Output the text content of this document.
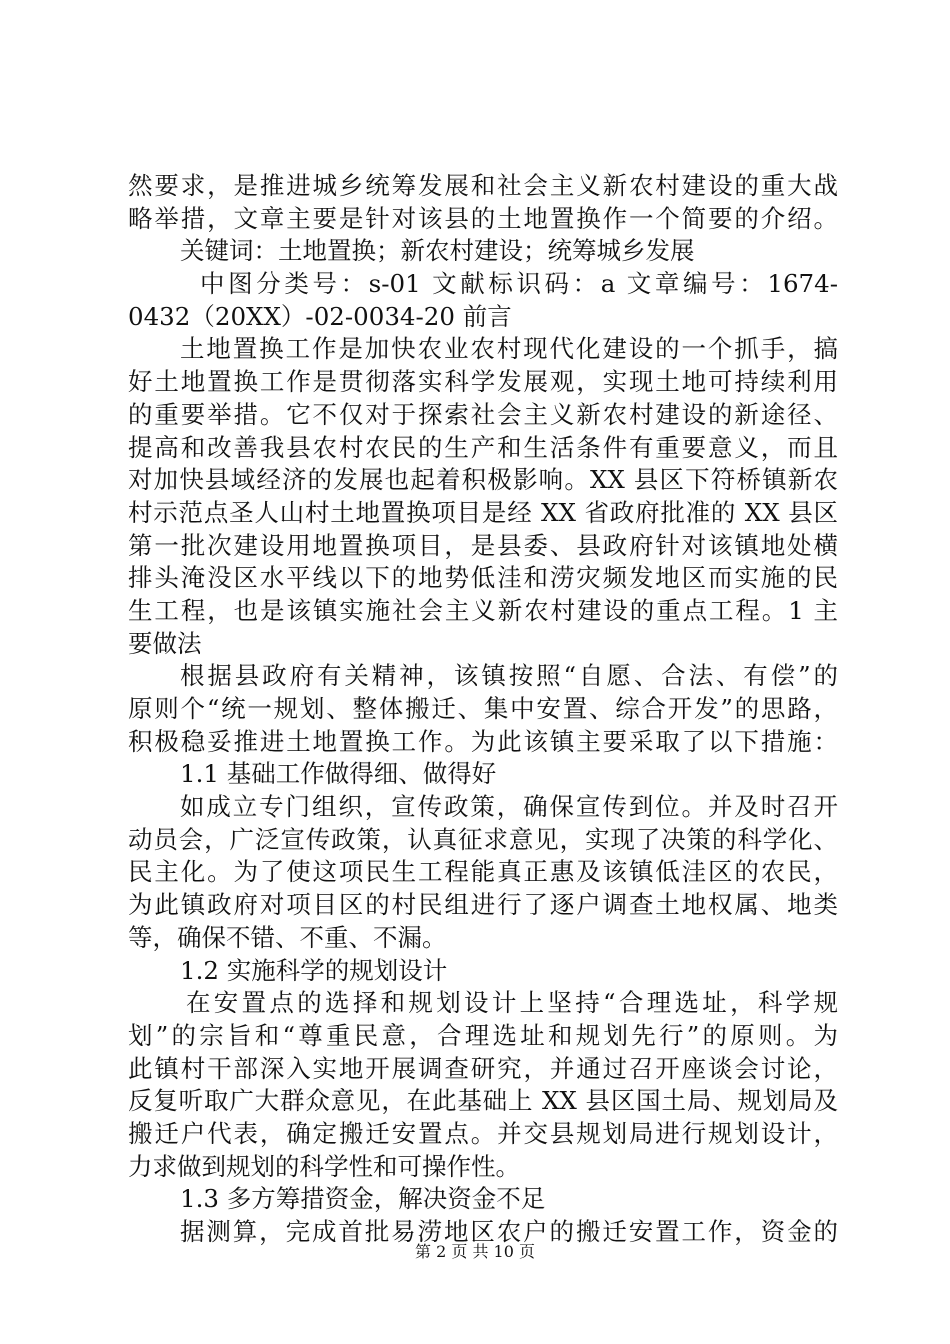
然要求，是推进城乡统筹发展和社会主义新农村建设的重大战
略举措，文章主要是针对该县的土地置换作一个简要的介绍。
关键词：土地置换；新农村建设；统筹城乡发展
中图分类号：s-01 文献标识码：a 文章编号：1674-
0432（20XX）-02-0034-20 前言
土地置换工作是加快农业农村现代化建设的一个抓手，搞
好土地置换工作是贯彻落实科学发展观，实现土地可持续利用
的重要举措。它不仅对于探索社会主义新农村建设的新途径、
提高和改善我县农村农民的生产和生活条件有重要意义，而且
对加快县域经济的发展也起着积极影响。XX 县区下符桥镇新农
村示范点圣人山村土地置换项目是经 XX 省政府批准的 XX 县区
第一批次建设用地置换项目，是县委、县政府针对该镇地处横
排头淹没区水平线以下的地势低洼和涝灾频发地区而实施的民
生工程，也是该镇实施社会主义新农村建设的重点工程。1 主
要做法
根据县政府有关精神，该镇按照“自愿、合法、有偿”的
原则个“统一规划、整体搬迁、集中安置、综合开发”的思路，
积极稳妥推进土地置换工作。为此该镇主要采取了以下措施：
1.1 基础工作做得细、做得好
如成立专门组织，宣传政策，确保宣传到位。并及时召开
动员会，广泛宣传政策，认真征求意见，实现了决策的科学化、
民主化。为了使这项民生工程能真正惠及该镇低洼区的农民，
为此镇政府对项目区的村民组进行了逐户调查土地权属、地类
等，确保不错、不重、不漏。
1.2 实施科学的规划设计
在安置点的选择和规划设计上坚持“合理选址，科学规
划”的宗旨和“尊重民意，合理选址和规划先行”的原则。为
此镇村干部深入实地开展调查研究，并通过召开座谈会讨论，
反复听取广大群众意见，在此基础上 XX 县区国土局、规划局及
搬迁户代表，确定搬迁安置点。并交县规划局进行规划设计，
力求做到规划的科学性和可操作性。
1.3 多方筹措资金，解决资金不足
据测算，完成首批易涝地区农户的搬迁安置工作，资金的
第 2 页 共 10 页
